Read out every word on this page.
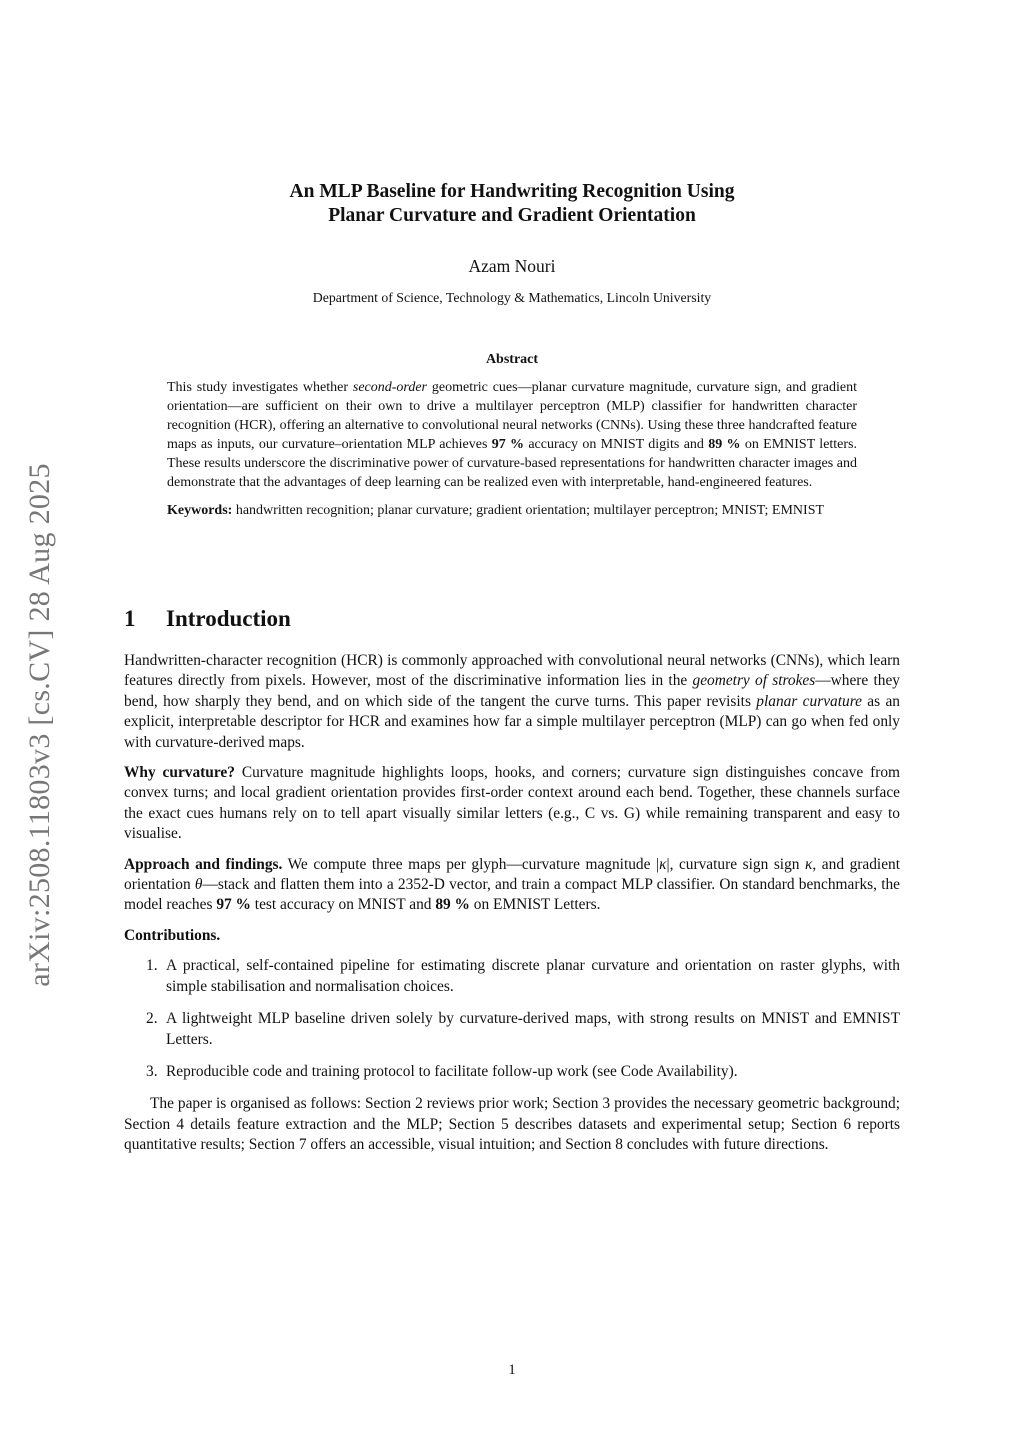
arXiv:2508.11803v3 [cs.CV] 28 Aug 2025
An MLP Baseline for Handwriting Recognition Using
Planar Curvature and Gradient Orientation
Azam Nouri
Department of Science, Technology & Mathematics, Lincoln University
Abstract

This study investigates whether second-order geometric cues—planar curvature magnitude, curvature sign, and gradient orientation—are sufficient on their own to drive a multilayer perceptron (MLP) classifier for handwritten character recognition (HCR), offering an alternative to convolutional neural networks (CNNs). Using these three handcrafted feature maps as inputs, our curvature–orientation MLP achieves 97 % accuracy on MNIST digits and 89 % on EMNIST letters. These results underscore the discriminative power of curvature-based representations for handwritten character images and demonstrate that the advantages of deep learning can be realized even with interpretable, hand-engineered features.

Keywords: handwritten recognition; planar curvature; gradient orientation; multilayer perceptron; MNIST; EMNIST

1 Introduction

Handwritten-character recognition (HCR) is commonly approached with convolutional neural networks (CNNs), which learn features directly from pixels. However, most of the discriminative information lies in the geometry of strokes—where they bend, how sharply they bend, and on which side of the tangent the curve turns. This paper revisits planar curvature as an explicit, interpretable descriptor for HCR and examines how far a simple multilayer perceptron (MLP) can go when fed only with curvature-derived maps.

Why curvature? Curvature magnitude highlights loops, hooks, and corners; curvature sign distinguishes concave from convex turns; and local gradient orientation provides first-order context around each bend. Together, these channels surface the exact cues humans rely on to tell apart visually similar letters (e.g., C vs. G) while remaining transparent and easy to visualise.

Approach and findings. We compute three maps per glyph—curvature magnitude |κ|, curvature sign sign κ, and gradient orientation θ—stack and flatten them into a 2352-D vector, and train a compact MLP classifier. On standard benchmarks, the model reaches 97 % test accuracy on MNIST and 89 % on EMNIST Letters.

Contributions.

1. A practical, self-contained pipeline for estimating discrete planar curvature and orientation on raster glyphs, with simple stabilisation and normalisation choices.
2. A lightweight MLP baseline driven solely by curvature-derived maps, with strong results on MNIST and EMNIST Letters.
3. Reproducible code and training protocol to facilitate follow-up work (see Code Availability).

The paper is organised as follows: Section 2 reviews prior work; Section 3 provides the necessary geometric background; Section 4 details feature extraction and the MLP; Section 5 describes datasets and experimental setup; Section 6 reports quantitative results; Section 7 offers an accessible, visual intuition; and Section 8 concludes with future directions.

1
